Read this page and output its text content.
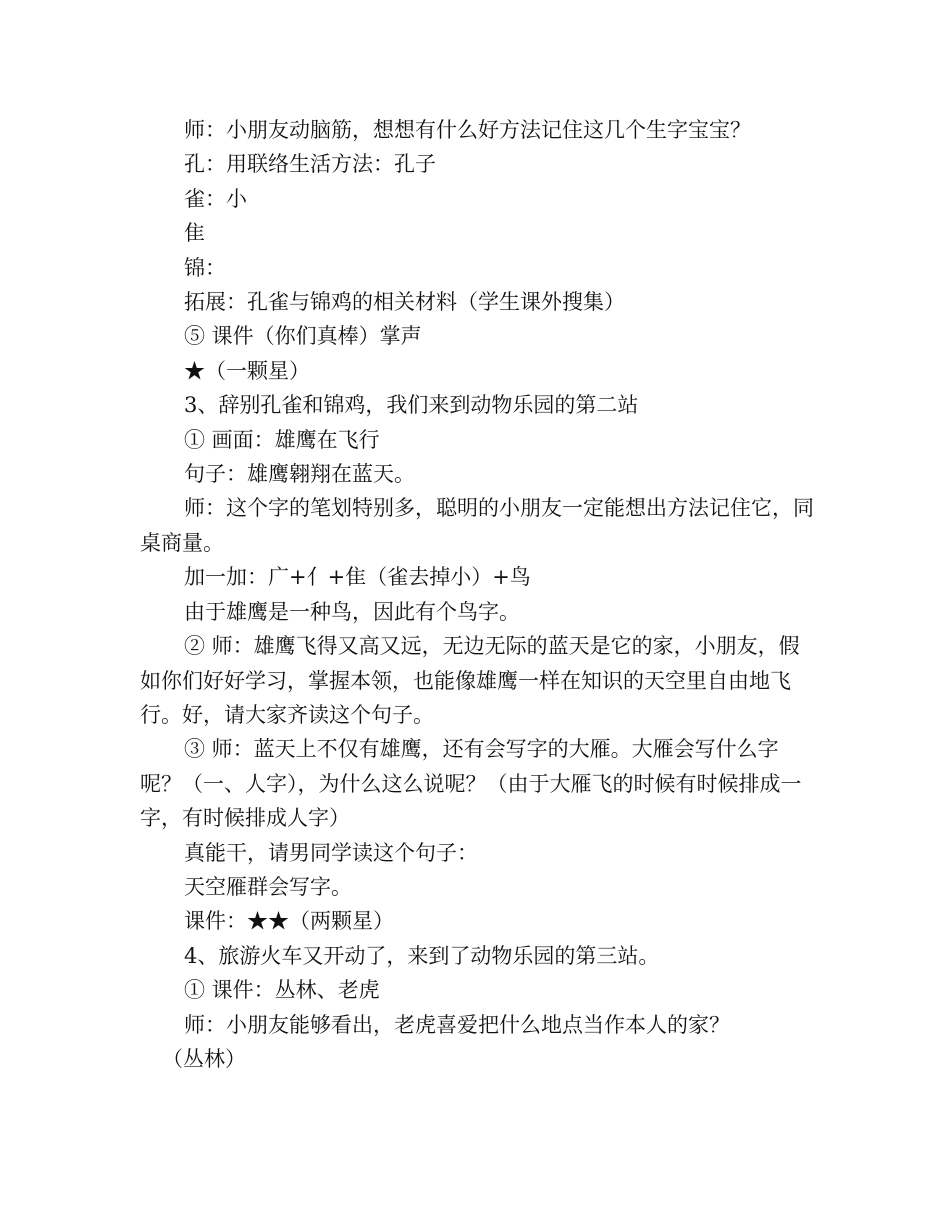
师：小朋友动脑筋，想想有什么好方法记住这几个生字宝宝？

孔：用联络生活方法：孔子

雀：小

隹

锦：

拓展：孔雀与锦鸡的相关材料（学生课外搜集）

⑤ 课件（你们真棒）掌声

★（一颗星）

3、辞别孔雀和锦鸡，我们来到动物乐园的第二站

① 画面：雄鹰在飞行

句子：雄鹰翱翔在蓝天。

师：这个字的笔划特别多，聪明的小朋友一定能想出方法记住它，同桌商量。

加一加：广+亻+隹（雀去掉小）+鸟

由于雄鹰是一种鸟，因此有个鸟字。

② 师：雄鹰飞得又高又远，无边无际的蓝天是它的家，小朋友，假如你们好好学习，掌握本领，也能像雄鹰一样在知识的天空里自由地飞行。好，请大家齐读这个句子。

③ 师：蓝天上不仅有雄鹰，还有会写字的大雁。大雁会写什么字呢？（一、人字），为什么这么说呢？（由于大雁飞的时候有时候排成一字，有时候排成人字）

真能干，请男同学读这个句子：

天空雁群会写字。

课件：★★（两颗星）

4、旅游火车又开动了，来到了动物乐园的第三站。

① 课件：丛林、老虎

师：小朋友能够看出，老虎喜爱把什么地点当作本人的家？

（丛林）
